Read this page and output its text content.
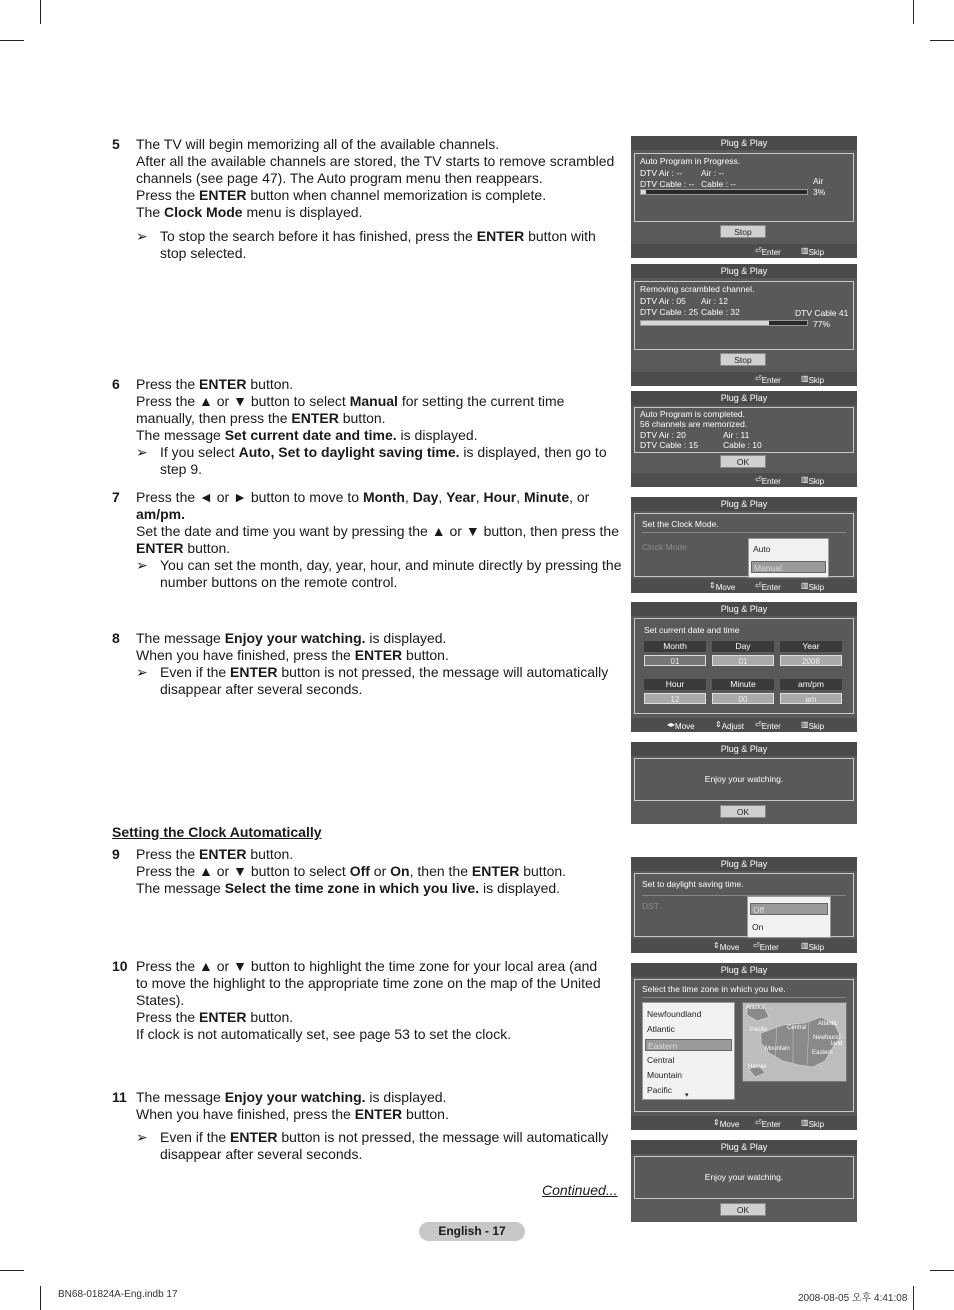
5 The TV will begin memorizing all of the available channels.

After all the available channels are stored, the TV starts to remove scrambled

channels (see page 47). The Auto program menu then reappears.

Press the ENTER button when channel memorization is complete.

The Clock Mode menu is displayed.

➢ To stop the search before it has finished, press the ENTER button with

stop selected.

6 Press the ENTER button.

Press the ▲ or ▼ button to select Manual for setting the current time

manually, then press the ENTER button.

The message Set current date and time. is displayed.

➢ If you select Auto, Set to daylight saving time. is displayed, then go to

step 9.

7 Press the ◄ or ► button to move to Month, Day, Year, Hour, Minute, or

am/pm.

Set the date and time you want by pressing the ▲ or ▼ button, then press the

ENTER button.

➢ You can set the month, day, year, hour, and minute directly by pressing the

number buttons on the remote control.

8 The message Enjoy your watching. is displayed.

When you have finished, press the ENTER button.

➢ Even if the ENTER button is not pressed, the message will automatically

disappear after several seconds.

Setting the Clock Automatically
9 Press the ENTER button.

Press the ▲ or ▼ button to select Off or On, then the ENTER button.

The message Select the time zone in which you live. is displayed.

10 Press the ▲ or ▼ button to highlight the time zone for your local area (and

to move the highlight to the appropriate time zone on the map of the United

States).

Press the ENTER button.

If clock is not automatically set, see page 53 to set the clock.

11 The message Enjoy your watching. is displayed.

When you have finished, press the ENTER button.

➢ Even if the ENTER button is not pressed, the message will automatically

disappear after several seconds.

Continued...
English - 17
BN68-01824A-Eng.indb 17	2008-08-05 오후 4:41:08
Plug & Play
Auto Program in Progress.
DTV Air : -- Air : --
DTV Cable : -- Cable : --	Air
3%
Stop
⏎ Enter	▥ Skip
Plug & Play
Removing scrambled channel.
DTV Air : 05 Air : 12
DTV Cable : 25 Cable : 32	DTV Cable 41
77%
Stop
⏎ Enter	▥ Skip
Plug & Play
Auto Program is completed.
56 channels are memorized.
DTV Air : 20	Air : 11
DTV Cable : 15	Cable : 10
OK
⏎ Enter	▥ Skip
Plug & Play
Set the Clock Mode.
Clock Mode	Auto
Manual
⇕ Move ⏎ Enter	▥ Skip
Plug & Play
Set current date and time
Month	Day	Year
01	01	2008
Hour	Minute	am/pm
12	00	am
◂▸ Move	⇕ Adjust ⏎ Enter	▥ Skip
Plug & Play
Enjoy your watching.
OK
Plug & Play
Set to daylight saving time.
DST	Off
On
⇕ Move ⏎ Enter	▥ Skip
Plug & Play
Select the time zone in which you live.
Newfoundland
Atlantic
Eastern
Central
Mountain
Pacific
▾
Alaska
Pacific	Central
Atlantic
Newfound-
land
Mountain
Eastern
Hawaii
⇕ Move ⏎ Enter	▥ Skip
Plug & Play
Enjoy your watching.
OK
